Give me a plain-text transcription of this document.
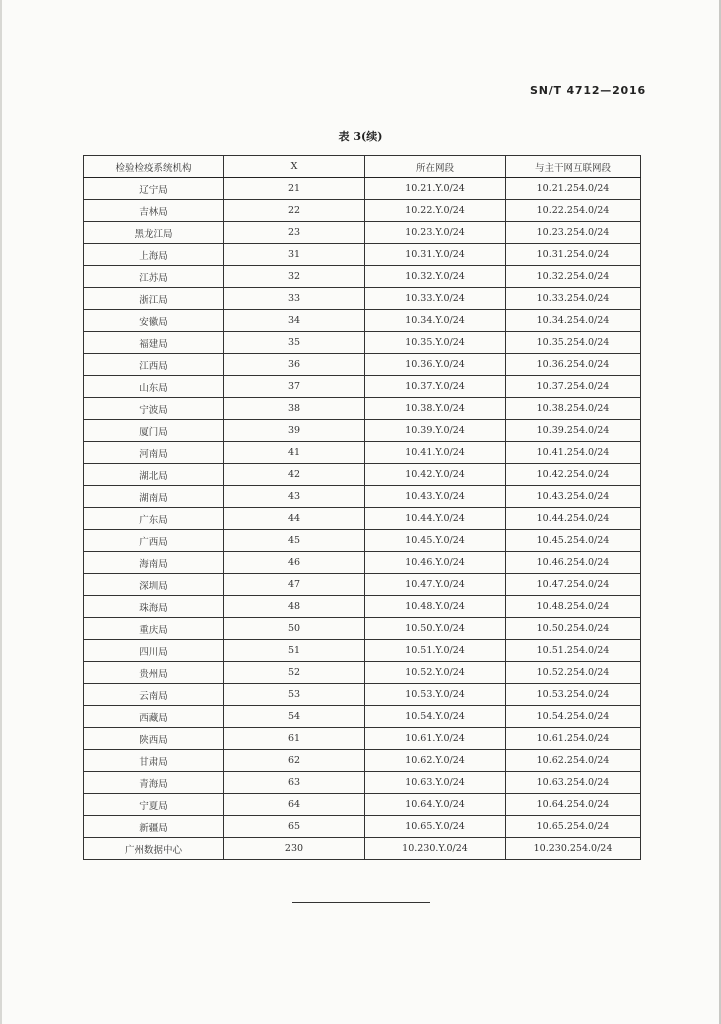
SN/T 4712—2016
表 3(续)
检验检疫系统机构	X	所在网段	与主干网互联网段
辽宁局	21	10.21.Y.0/24	10.21.254.0/24
吉林局	22	10.22.Y.0/24	10.22.254.0/24
黑龙江局	23	10.23.Y.0/24	10.23.254.0/24
上海局	31	10.31.Y.0/24	10.31.254.0/24
江苏局	32	10.32.Y.0/24	10.32.254.0/24
浙江局	33	10.33.Y.0/24	10.33.254.0/24
安徽局	34	10.34.Y.0/24	10.34.254.0/24
福建局	35	10.35.Y.0/24	10.35.254.0/24
江西局	36	10.36.Y.0/24	10.36.254.0/24
山东局	37	10.37.Y.0/24	10.37.254.0/24
宁波局	38	10.38.Y.0/24	10.38.254.0/24
厦门局	39	10.39.Y.0/24	10.39.254.0/24
河南局	41	10.41.Y.0/24	10.41.254.0/24
湖北局	42	10.42.Y.0/24	10.42.254.0/24
湖南局	43	10.43.Y.0/24	10.43.254.0/24
广东局	44	10.44.Y.0/24	10.44.254.0/24
广西局	45	10.45.Y.0/24	10.45.254.0/24
海南局	46	10.46.Y.0/24	10.46.254.0/24
深圳局	47	10.47.Y.0/24	10.47.254.0/24
珠海局	48	10.48.Y.0/24	10.48.254.0/24
重庆局	50	10.50.Y.0/24	10.50.254.0/24
四川局	51	10.51.Y.0/24	10.51.254.0/24
贵州局	52	10.52.Y.0/24	10.52.254.0/24
云南局	53	10.53.Y.0/24	10.53.254.0/24
西藏局	54	10.54.Y.0/24	10.54.254.0/24
陕西局	61	10.61.Y.0/24	10.61.254.0/24
甘肃局	62	10.62.Y.0/24	10.62.254.0/24
青海局	63	10.63.Y.0/24	10.63.254.0/24
宁夏局	64	10.64.Y.0/24	10.64.254.0/24
新疆局	65	10.65.Y.0/24	10.65.254.0/24
广州数据中心	230	10.230.Y.0/24	10.230.254.0/24
